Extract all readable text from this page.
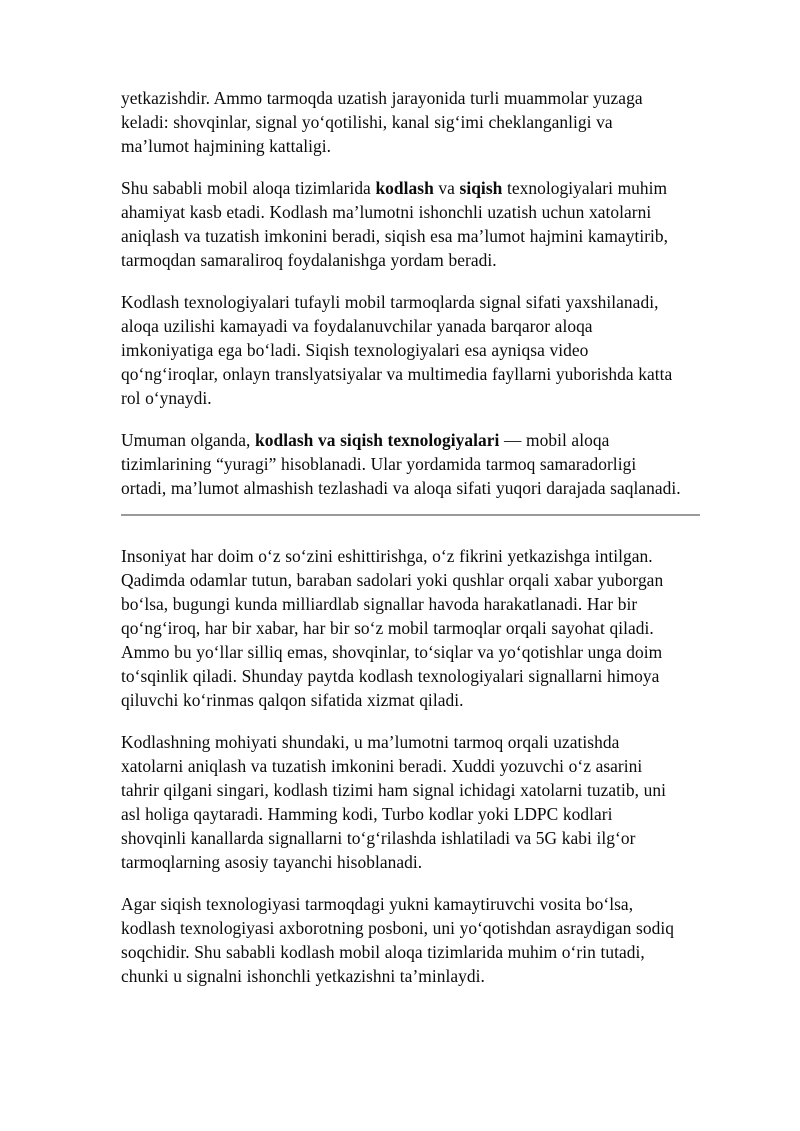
yetkazishdir. Ammo tarmoqda uzatish jarayonida turli muammolar yuzaga keladi: shovqinlar, signal yoʻqotilishi, kanal sigʻimi cheklanganligi va ma’lumot hajmining kattaligi.

Shu sababli mobil aloqa tizimlarida kodlash va siqish texnologiyalari muhim ahamiyat kasb etadi. Kodlash ma’lumotni ishonchli uzatish uchun xatolarni aniqlash va tuzatish imkonini beradi, siqish esa ma’lumot hajmini kamaytirib, tarmoqdan samaraliroq foydalanishga yordam beradi.

Kodlash texnologiyalari tufayli mobil tarmoqlarda signal sifati yaxshilanadi, aloqa uzilishi kamayadi va foydalanuvchilar yanada barqaror aloqa imkoniyatiga ega boʻladi. Siqish texnologiyalari esa ayniqsa video qoʻngʻiroqlar, onlayn translyatsiyalar va multimedia fayllarni yuborishda katta rol oʻynaydi.

Umuman olganda, kodlash va siqish texnologiyalari — mobil aloqa tizimlarining “yuragi” hisoblanadi. Ular yordamida tarmoq samaradorligi ortadi, ma’lumot almashish tezlashadi va aloqa sifati yuqori darajada saqlanadi.

Insoniyat har doim oʻz soʻzini eshittirishga, oʻz fikrini yetkazishga intilgan. Qadimda odamlar tutun, baraban sadolari yoki qushlar orqali xabar yuborgan boʻlsa, bugungi kunda milliardlab signallar havoda harakatlanadi. Har bir qoʻngʻiroq, har bir xabar, har bir soʻz mobil tarmoqlar orqali sayohat qiladi. Ammo bu yoʻllar silliq emas, shovqinlar, toʻsiqlar va yoʻqotishlar unga doim toʻsqinlik qiladi. Shunday paytda kodlash texnologiyalari signallarni himoya qiluvchi koʻrinmas qalqon sifatida xizmat qiladi.

Kodlashning mohiyati shundaki, u ma’lumotni tarmoq orqali uzatishda xatolarni aniqlash va tuzatish imkonini beradi. Xuddi yozuvchi oʻz asarini tahrir qilgani singari, kodlash tizimi ham signal ichidagi xatolarni tuzatib, uni asl holiga qaytaradi. Hamming kodi, Turbo kodlar yoki LDPC kodlari shovqinli kanallarda signallarni toʻgʻrilashda ishlatiladi va 5G kabi ilgʻor tarmoqlarning asosiy tayanchi hisoblanadi.

Agar siqish texnologiyasi tarmoqdagi yukni kamaytiruvchi vosita boʻlsa, kodlash texnologiyasi axborotning posboni, uni yoʻqotishdan asraydigan sodiq soqchidir. Shu sababli kodlash mobil aloqa tizimlarida muhim oʻrin tutadi, chunki u signalni ishonchli yetkazishni ta’minlaydi.
